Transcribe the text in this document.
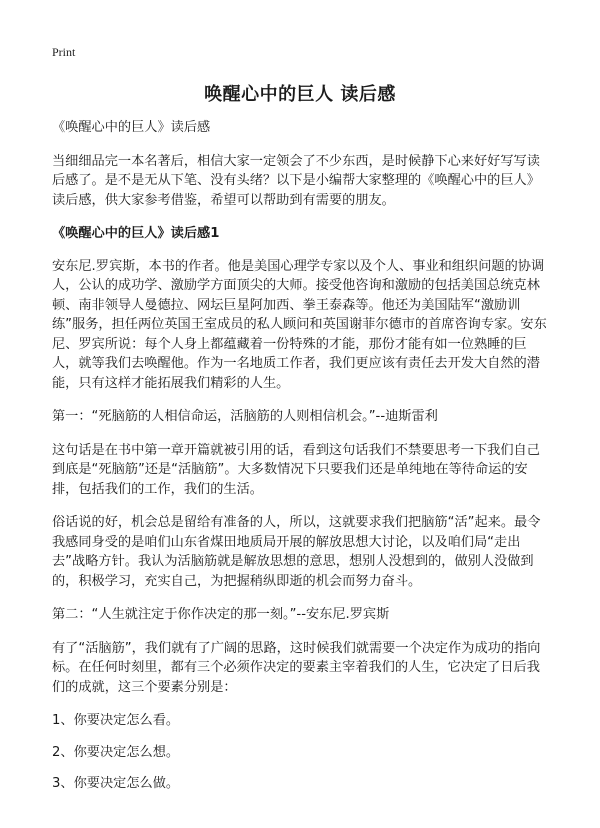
Print
唤醒心中的巨人 读后感

《唤醒心中的巨人》读后感

当细细品完一本名著后，相信大家一定领会了不少东西，是时候静下心来好好写写读后感了。是不是无从下笔、没有头绪？以下是小编帮大家整理的《唤醒心中的巨人》读后感，供大家参考借鉴，希望可以帮助到有需要的朋友。

《唤醒心中的巨人》读后感1

安东尼.罗宾斯，本书的作者。他是美国心理学专家以及个人、事业和组织问题的协调人，公认的成功学、激励学方面顶尖的大师。接受他咨询和激励的包括美国总统克林顿、南非领导人曼德拉、网坛巨星阿加西、拳王泰森等。他还为美国陆军“激励训练”服务，担任两位英国王室成员的私人顾问和英国谢菲尔德市的首席咨询专家。安东尼、罗宾所说：每个人身上都蕴藏着一份特殊的才能，那份才能有如一位熟睡的巨人，就等我们去唤醒他。作为一名地质工作者，我们更应该有责任去开发大自然的潜能，只有这样才能拓展我们精彩的人生。

第一：“死脑筋的人相信命运，活脑筋的人则相信机会。”--迪斯雷利

这句话是在书中第一章开篇就被引用的话，看到这句话我们不禁要思考一下我们自己到底是“死脑筋”还是“活脑筋”。大多数情况下只要我们还是单纯地在等待命运的安排，包括我们的工作，我们的生活。

俗话说的好，机会总是留给有准备的人，所以，这就要求我们把脑筋“活”起来。最令我感同身受的是咱们山东省煤田地质局开展的解放思想大讨论，以及咱们局“走出去”战略方针。我认为活脑筋就是解放思想的意思，想别人没想到的，做别人没做到的，积极学习，充实自己，为把握稍纵即逝的机会而努力奋斗。

第二：“人生就注定于你作决定的那一刻。”--安东尼.罗宾斯

有了“活脑筋”，我们就有了广阔的思路，这时候我们就需要一个决定作为成功的指向标。在任何时刻里，都有三个必须作决定的要素主宰着我们的人生，它决定了日后我们的成就，这三个要素分别是：

1、你要决定怎么看。

2、你要决定怎么想。

3、你要决定怎么做。
